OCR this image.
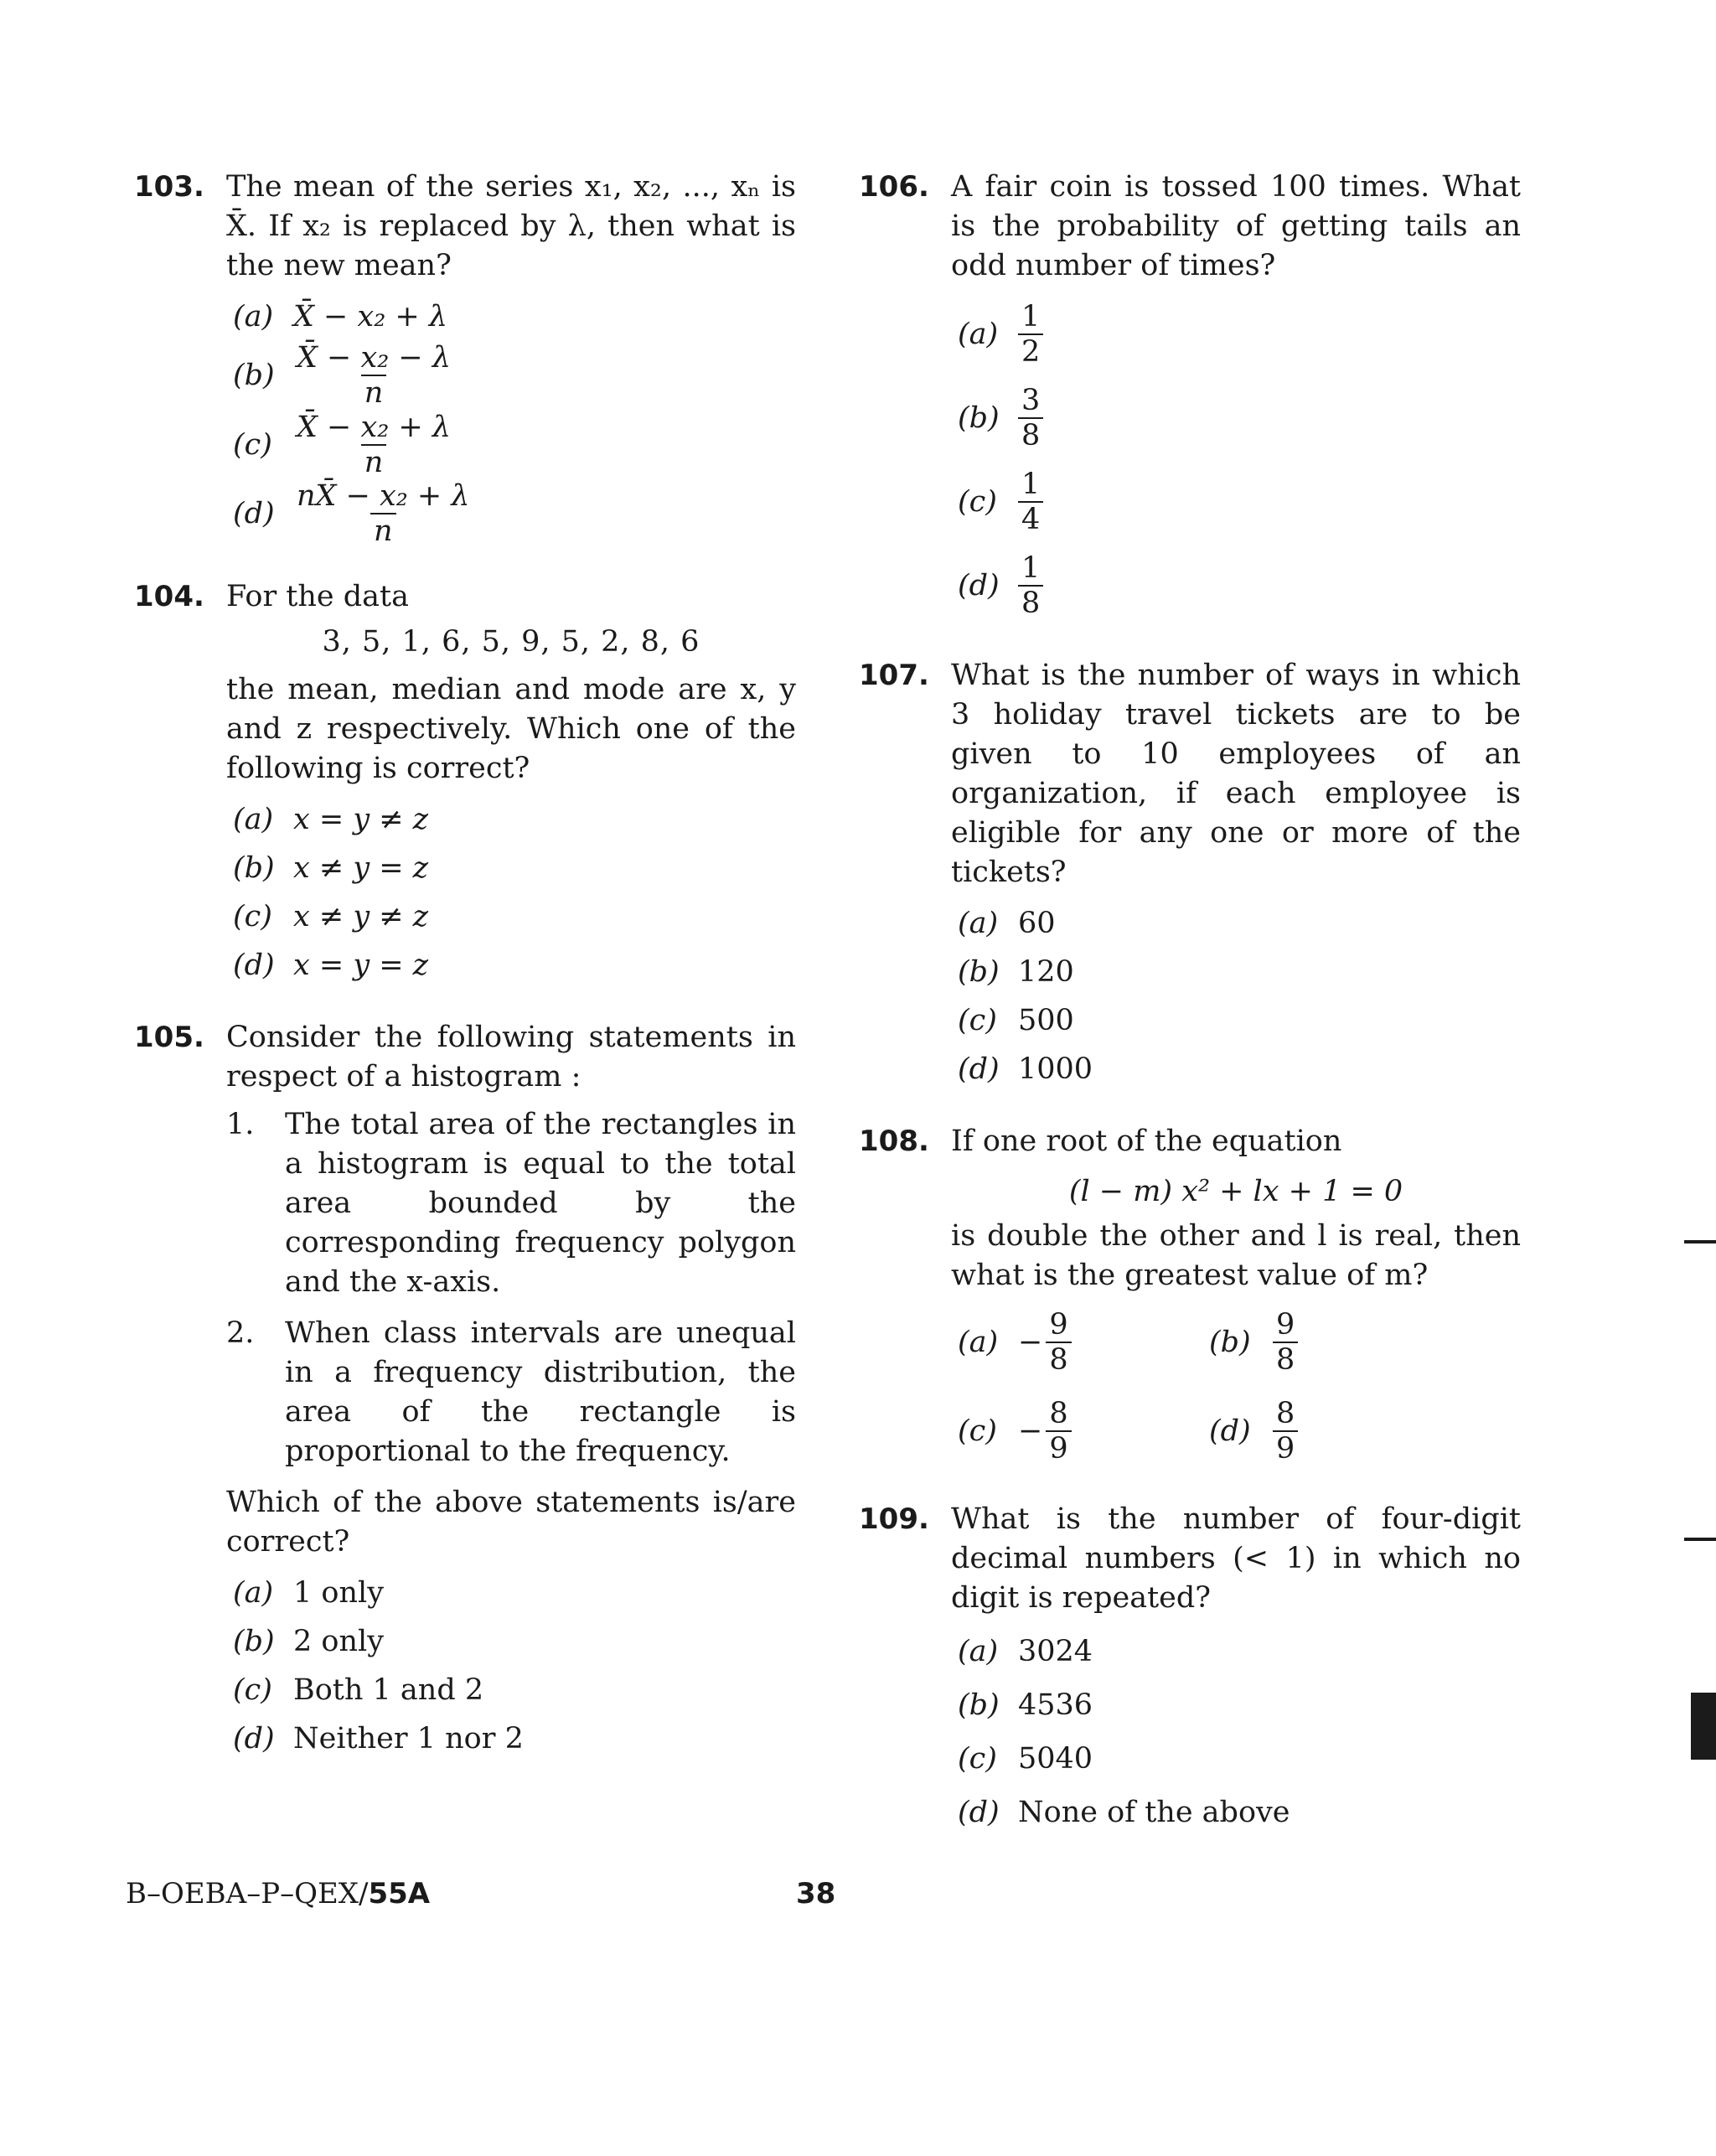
103. The mean of the series x₁, x₂, ..., xₙ is X̄. If x₂ is replaced by λ, then what is the new mean?
(a) X̄ − x₂ + λ
$(b) \frac{\text{X̄ − x₂ − λ}}{n}$
$(c) \frac{\text{X̄ − x₂ + λ}}{n}$
$(d) \frac{\text{nX̄ − x₂ + λ}}{n}$
104. For the data
3, 5, 1, 6, 5, 9, 5, 2, 8, 6
the mean, median and mode are x, y and z respectively. Which one of the following is correct?
(a) x = y ≠ z
(b) x ≠ y = z
(c) x ≠ y ≠ z
(d) x = y = z
105. Consider the following statements in respect of a histogram :
1.	The total area of the rectangles in a histogram is equal to the total area bounded by the corresponding frequency polygon and the x-axis.
2.	When class intervals are unequal in a frequency distribution, the area of the rectangle is proportional to the frequency.
Which of the above statements is/are correct?
(a) 1 only
(b) 2 only
(c) Both 1 and 2
(d) Neither 1 nor 2
106. A fair coin is tossed 100 times. What is the probability of getting tails an odd number of times?
$(a) \frac{1}{2}$
$(b) \frac{3}{8}$
$(c) \frac{1}{4}$
$(d) \frac{1}{8}$
107. What is the number of ways in which 3 holiday travel tickets are to be given to 10 employees of an organization, if each employee is eligible for any one or more of the tickets?
(a) 60
(b) 120
(c) 500
(d) 1000
108. If one root of the equation
(l − m) x² + lx + 1 = 0
is double the other and l is real, then what is the greatest value of m?
$(a) - \frac{9}{8}$	$(b) \frac{9}{8}$
$(c) - \frac{8}{9}$	$(d) \frac{8}{9}$
109. What is the number of four-digit decimal numbers (< 1) in which no digit is repeated?
(a) 3024
(b) 4536
(c) 5040
(d) None of the above
B–OEBA–P–QEX/55A	38
